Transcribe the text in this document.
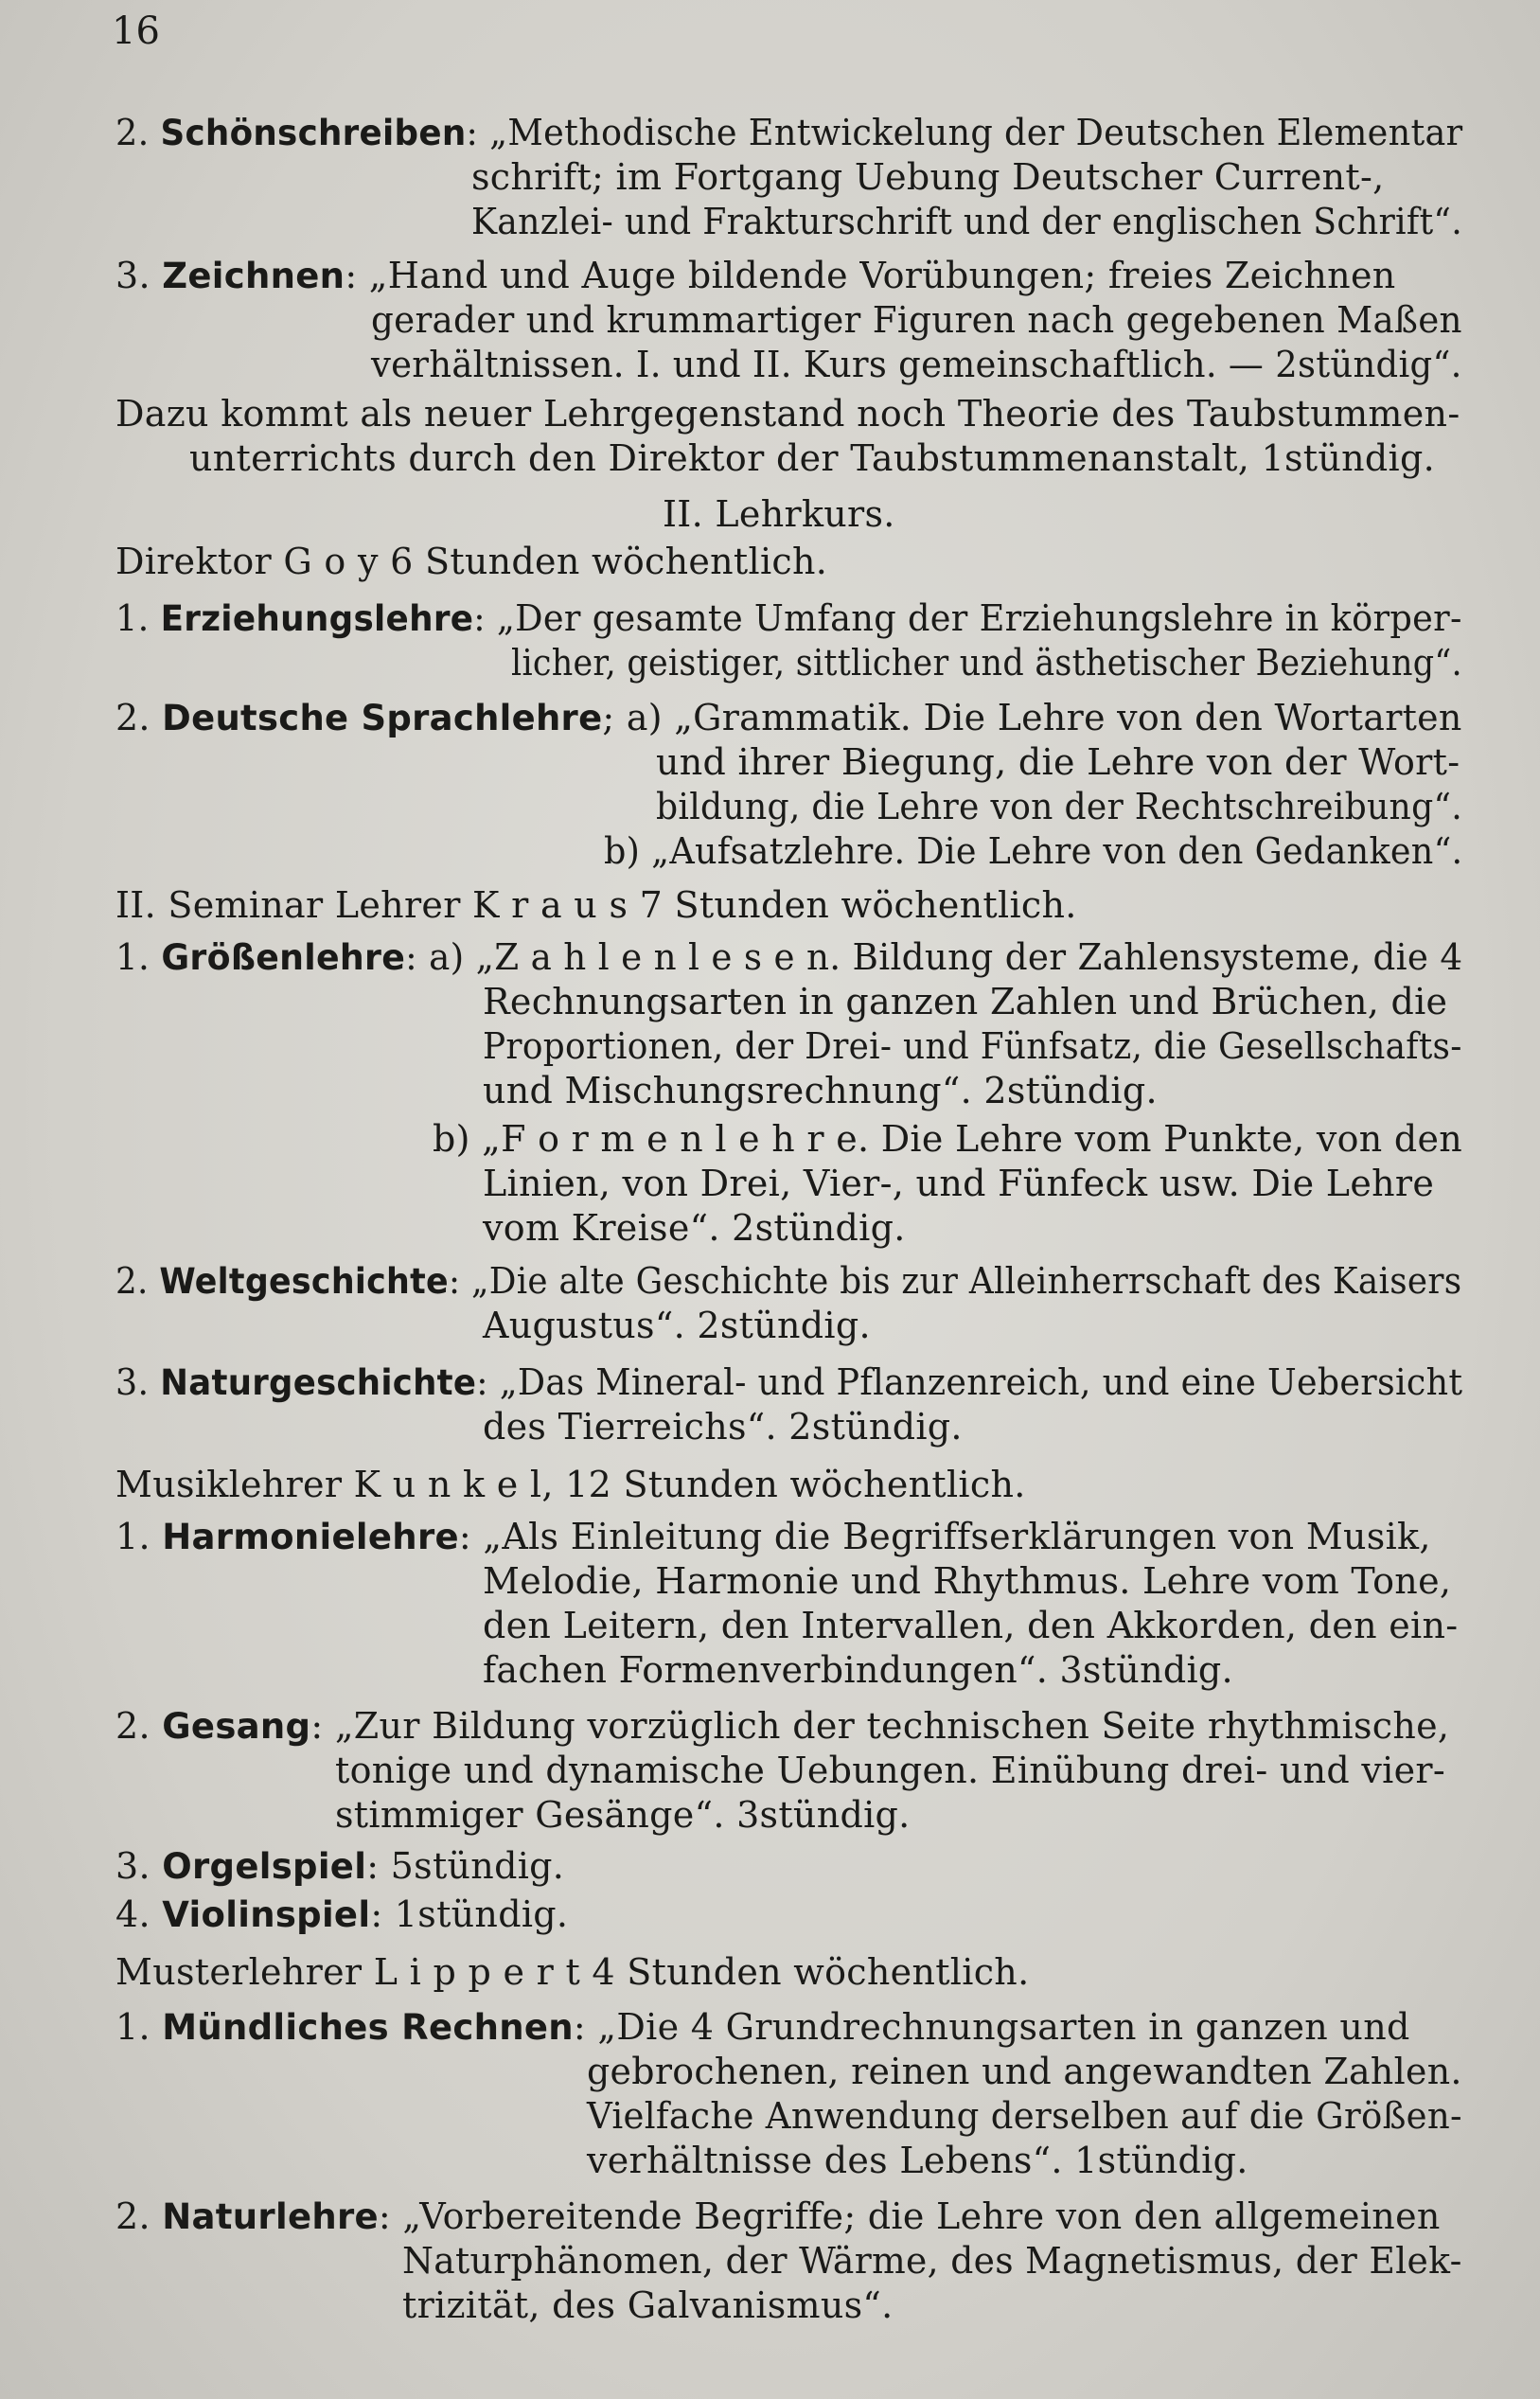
16
2. Schönschreiben: „Methodische Entwickelung der Deutschen Elementar
schrift; im Fortgang Uebung Deutscher Current-,
Kanzlei- und Frakturschrift und der englischen Schrift“.
3. Zeichnen: „Hand und Auge bildende Vorübungen; freies Zeichnen
gerader und krummartiger Figuren nach gegebenen Maßen
verhältnissen. I. und II. Kurs gemeinschaftlich. — 2stündig“.
Dazu kommt als neuer Lehrgegenstand noch Theorie des Taubstummen-
unterrichts durch den Direktor der Taubstummenanstalt, 1stündig.
II. Lehrkurs.
Direktor G o y 6 Stunden wöchentlich.
1. Erziehungslehre: „Der gesamte Umfang der Erziehungslehre in körper-
licher, geistiger, sittlicher und ästhetischer Beziehung“.
2. Deutsche Sprachlehre; a) „Grammatik. Die Lehre von den Wortarten
und ihrer Biegung, die Lehre von der Wort-
bildung, die Lehre von der Rechtschreibung“.
b) „Aufsatzlehre. Die Lehre von den Gedanken“.
II. Seminar Lehrer K r a u s 7 Stunden wöchentlich.
1. Größenlehre: a) „Z a h l e n l e s e n. Bildung der Zahlensysteme, die 4
Rechnungsarten in ganzen Zahlen und Brüchen, die
Proportionen, der Drei- und Fünfsatz, die Gesellschafts-
und Mischungsrechnung“. 2stündig.
b) „F o r m e n l e h r e. Die Lehre vom Punkte, von den
Linien, von Drei, Vier-, und Fünfeck usw. Die Lehre
vom Kreise“. 2stündig.
2. Weltgeschichte: „Die alte Geschichte bis zur Alleinherrschaft des Kaisers
Augustus“. 2stündig.
3. Naturgeschichte: „Das Mineral- und Pflanzenreich, und eine Uebersicht
des Tierreichs“. 2stündig.
Musiklehrer K u n k e l, 12 Stunden wöchentlich.
1. Harmonielehre: „Als Einleitung die Begriffserklärungen von Musik,
Melodie, Harmonie und Rhythmus. Lehre vom Tone,
den Leitern, den Intervallen, den Akkorden, den ein-
fachen Formenverbindungen“. 3stündig.
2. Gesang: „Zur Bildung vorzüglich der technischen Seite rhythmische,
tonige und dynamische Uebungen. Einübung drei- und vier-
stimmiger Gesänge“. 3stündig.
3. Orgelspiel: 5stündig.
4. Violinspiel: 1stündig.
Musterlehrer L i p p e r t 4 Stunden wöchentlich.
1. Mündliches Rechnen: „Die 4 Grundrechnungsarten in ganzen und
gebrochenen, reinen und angewandten Zahlen.
Vielfache Anwendung derselben auf die Größen-
verhältnisse des Lebens“. 1stündig.
2. Naturlehre: „Vorbereitende Begriffe; die Lehre von den allgemeinen
Naturphänomen, der Wärme, des Magnetismus, der Elek-
trizität, des Galvanismus“.
